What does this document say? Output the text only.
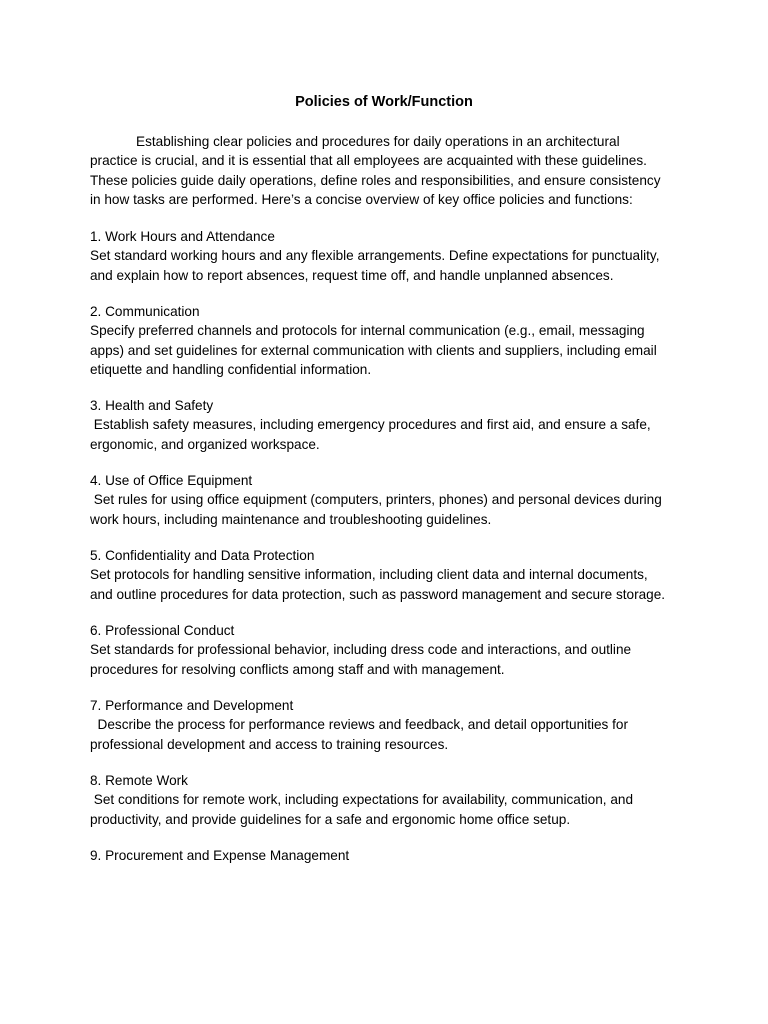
Policies of Work/Function
Establishing clear policies and procedures for daily operations in an architectural
practice is crucial, and it is essential that all employees are acquainted with these guidelines.
These policies guide daily operations, define roles and responsibilities, and ensure consistency
in how tasks are performed. Here’s a concise overview of key office policies and functions:
1. Work Hours and Attendance
Set standard working hours and any flexible arrangements. Define expectations for punctuality,
and explain how to report absences, request time off, and handle unplanned absences.
2. Communication
Specify preferred channels and protocols for internal communication (e.g., email, messaging
apps) and set guidelines for external communication with clients and suppliers, including email
etiquette and handling confidential information.
3. Health and Safety
Establish safety measures, including emergency procedures and first aid, and ensure a safe,
ergonomic, and organized workspace.
4. Use of Office Equipment
Set rules for using office equipment (computers, printers, phones) and personal devices during
work hours, including maintenance and troubleshooting guidelines.
5. Confidentiality and Data Protection
Set protocols for handling sensitive information, including client data and internal documents,
and outline procedures for data protection, such as password management and secure storage.
6. Professional Conduct
Set standards for professional behavior, including dress code and interactions, and outline
procedures for resolving conflicts among staff and with management.
7. Performance and Development
Describe the process for performance reviews and feedback, and detail opportunities for
professional development and access to training resources.
8. Remote Work
Set conditions for remote work, including expectations for availability, communication, and
productivity, and provide guidelines for a safe and ergonomic home office setup.
9. Procurement and Expense Management
